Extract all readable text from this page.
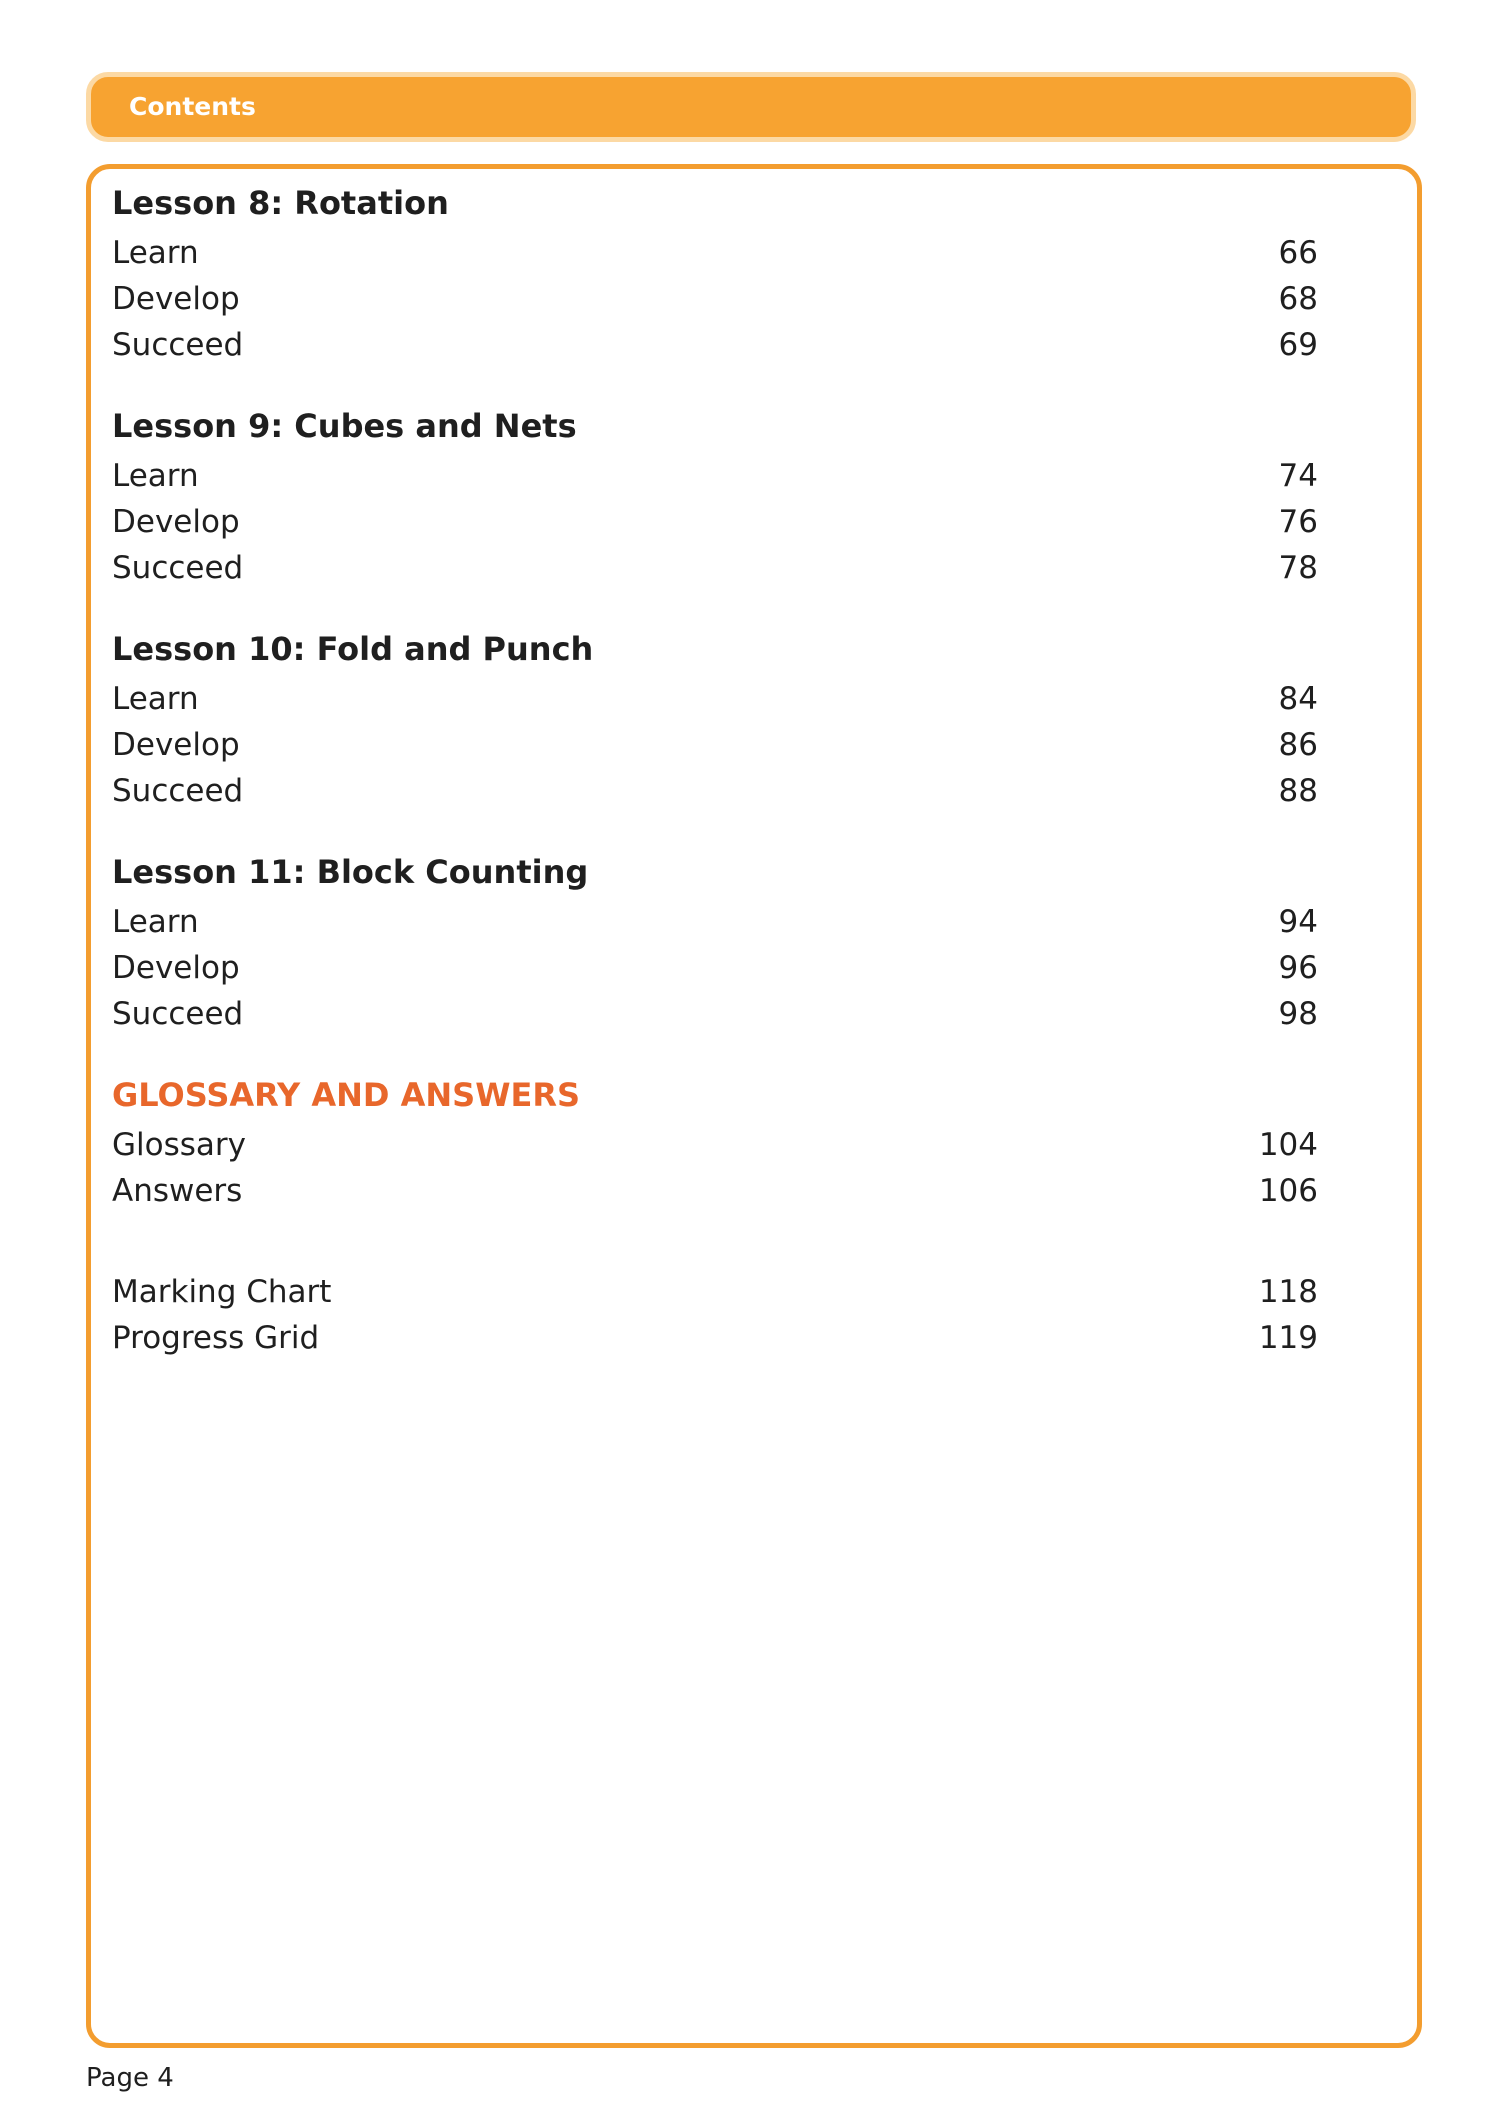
Contents
Lesson 8: Rotation
Learn	66
Develop	68
Succeed	69
Lesson 9: Cubes and Nets
Learn	74
Develop	76
Succeed	78
Lesson 10: Fold and Punch
Learn	84
Develop	86
Succeed	88
Lesson 11: Block Counting
Learn	94
Develop	96
Succeed	98
GLOSSARY AND ANSWERS
Glossary	104
Answers	106
Marking Chart	118
Progress Grid	119
Page 4
